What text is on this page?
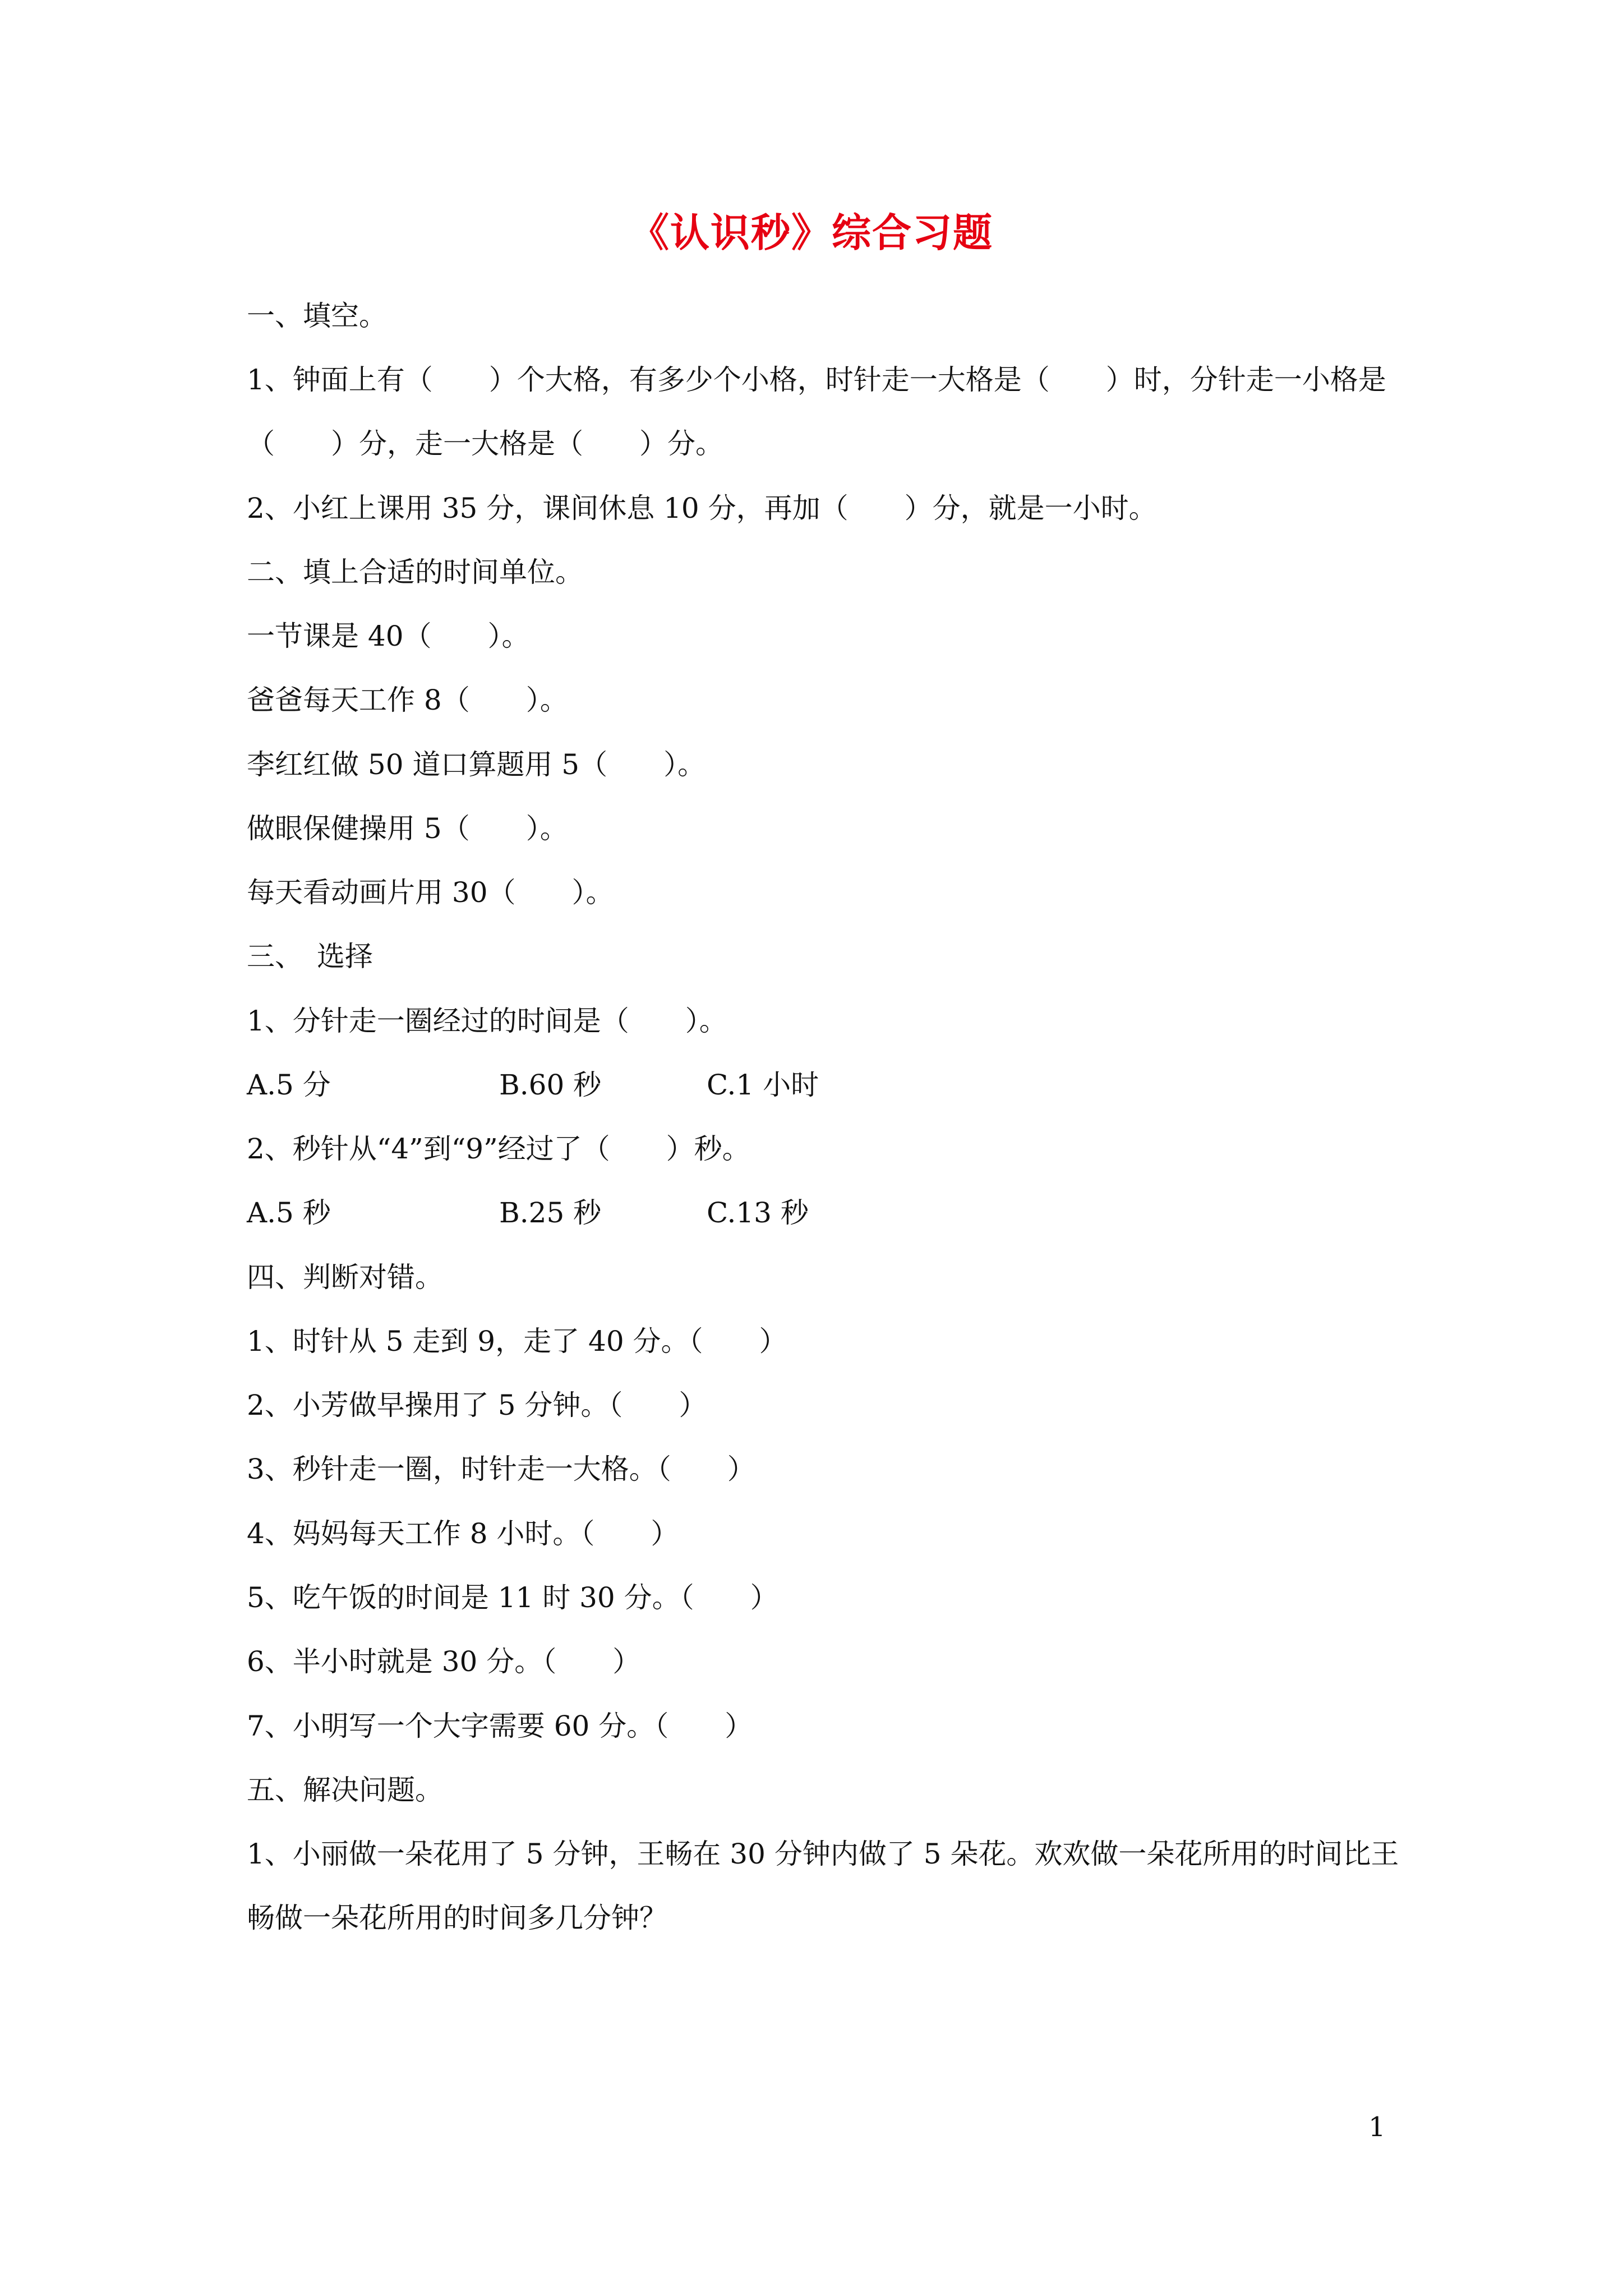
《认识秒》综合习题
一、填空。
1、钟面上有（　　）个大格，有多少个小格，时针走一大格是（　　）时，分针走一小格是
（　　）分，走一大格是（　　）分。
2、小红上课用 35 分，课间休息 10 分，再加（　　）分，就是一小时。
二、填上合适的时间单位。
一节课是 40（　　）。
爸爸每天工作 8（　　）。
李红红做 50 道口算题用 5（　　）。
做眼保健操用 5（　　）。
每天看动画片用 30（　　）。
三、　选择
1、分针走一圈经过的时间是（　　）。
A.5 分	B.60 秒	C.1 小时
2、秒针从“4”到“9”经过了（　　）秒。
A.5 秒	B.25 秒	C.13 秒
四、判断对错。
1、时针从 5 走到 9，走了 40 分。（　　）
2、小芳做早操用了 5 分钟。（　　）
3、秒针走一圈，时针走一大格。（　　）
4、妈妈每天工作 8 小时。（　　）
5、吃午饭的时间是 11 时 30 分。（　　）
6、半小时就是 30 分。（　　）
7、小明写一个大字需要 60 分。（　　）
五、解决问题。
1、小丽做一朵花用了 5 分钟，王畅在 30 分钟内做了 5 朵花。欢欢做一朵花所用的时间比王
畅做一朵花所用的时间多几分钟？
1
